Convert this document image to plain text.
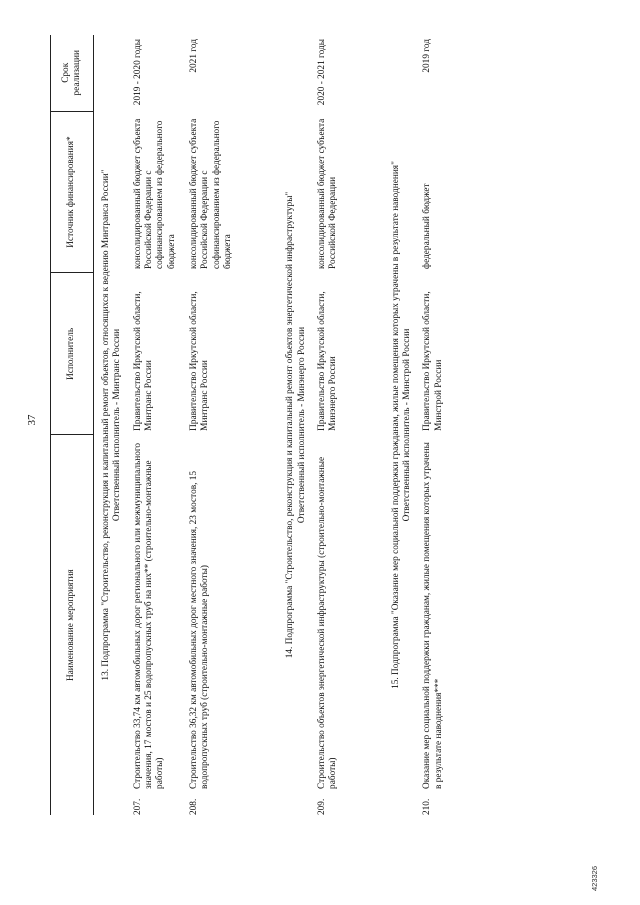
37
Наименование мероприятия		Исполнитель	Источник финансирования*	Срок реализации

13. Подпрограмма "Строительство, реконструкция и капитальный ремонт объектов, относящихся к ведению Минтранса России" Ответственный исполнитель - Минтранс России				

207.	Строительство 33,74 км автомобильных дорог регионального или межмуниципального значения, 17 мостов и 25 водопропускных труб на них** (строительно-монтажные работы)	Правительство Иркутской области, Минтранс России	консолидированный бюджет субъекта Российской Федерации с софинансированием из федерального бюджета	2019 - 2020 годы

208.	Строительство 36,32 км автомобильных дорог местного значения, 23 мостов, 15 водопропускных труб (строительно-монтажные работы)	Правительство Иркутской области, Минтранс России	консолидированный бюджет субъекта Российской Федерации с софинансированием из федерального бюджета	2021 год

14. Подпрограмма "Строительство, реконструкция и капитальный ремонт объектов энергетической инфраструктуры" Ответственный исполнитель - Минэнерго России				

209.	Строительство объектов энергетической инфраструктуры (строительно-монтажные работы)	Правительство Иркутской области, Минэнерго России	консолидированный бюджет субъекта Российской Федерации	2020 - 2021 годы

15. Подпрограмма "Оказание мер социальной поддержки гражданам, жилые помещения которых утрачены в результате наводнения" Ответственный исполнитель - Минстрой России				

210.	Оказание мер социальной поддержки гражданам, жилые помещения которых утрачены в результате наводнения***	Правительство Иркутской области, Минстрой России	федеральный бюджет	2019 год
423326
